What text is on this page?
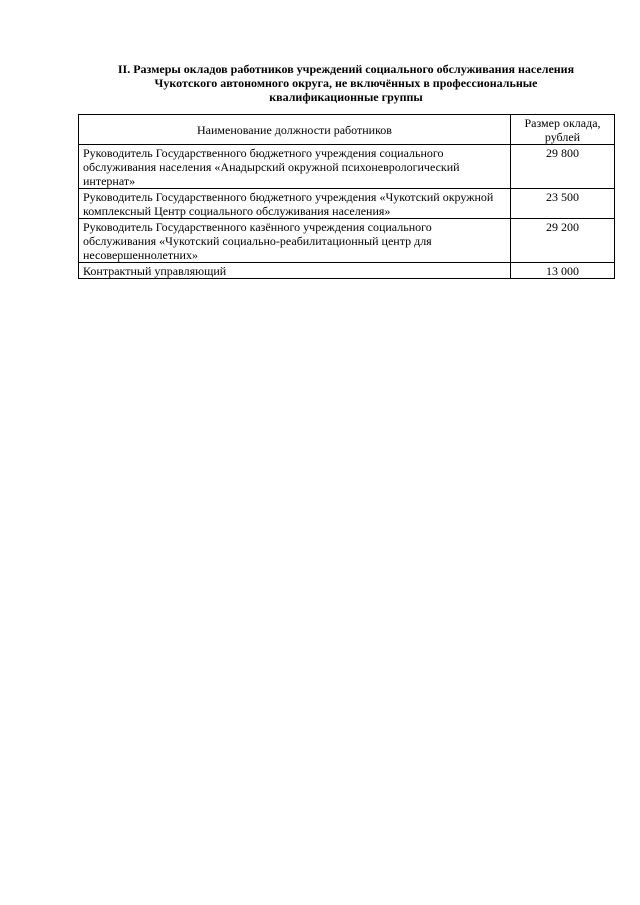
II. Размеры окладов работников учреждений социального обслуживания населения
Чукотского автономного округа, не включённых в профессиональные
квалификационные группы
Наименование должности работников	Размер оклада, рублей
Руководитель Государственного бюджетного учреждения социального обслуживания населения «Анадырский окружной психоневрологический интернат»	29 800
Руководитель Государственного бюджетного учреждения «Чукотский окружной комплексный Центр социального обслуживания населения»	23 500
Руководитель Государственного казённого учреждения социального обслуживания «Чукотский социально-реабилитационный центр для несовершеннолетних»	29 200
Контрактный управляющий	13 000
